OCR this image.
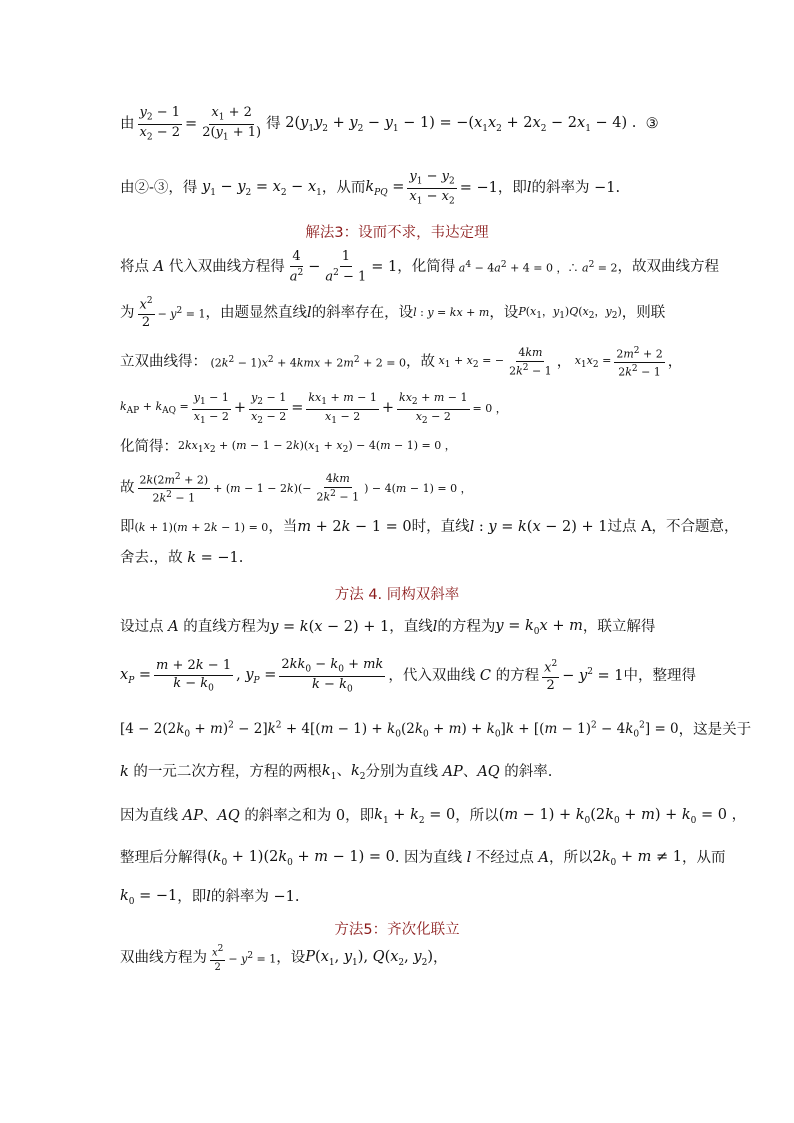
由 $\frac{y_2 - 1}{x_2 - 2} = \frac{x_1 + 2}{2(y_1 + 1)}$ 得 $2(y_1y_2 + y_2 - y_1 - 1) = -(x_1x_2 + 2x_2 - 2x_1 - 4)$ . ③
由②-③，得 $y_1 - y_2 = x_2 - x_1$ ，从而 $k_{PQ} = \frac{y_1 - y_2}{x_1 - x_2} = -1$ ，即 l 的斜率为 −1.
解法3：设而不求，韦达定理
将点 A 代入双曲线方程得 $\frac{4}{a^2} - \frac{1}{a^2 - 1} = 1$ ，化简得 $a^4 - 4a^2 + 4 = 0$ ，∴ $a^2 = 2$ ，故双曲线方程
为 $\frac{x^2}{2} - y^2 = 1$ ，由题显然直线 l 的斜率存在，设 l : y = kx + m ，设 $P(x_1$，$y_1)Q(x_2$，$y_2$) ，则联
立双曲线得： $(2k^2 - 1)x^2 + 4kmx + 2m^2 + 2 = 0$ ，故 $x_1 + x_2$ = − $\frac{4km}{2k^2 - 1}$ ， $x_1x_2 = \frac{2m^2 + 2}{2k^2 - 1}$ ，
$k_{AP} + k_{AQ} = \frac{y_1 - 1}{x_1 - 2} + \frac{y_2 - 1}{x_2 - 2} = \frac{kx_1 + m - 1}{x_1 - 2} + \frac{kx_2 + m - 1}{x_2 - 2} = 0$ ，
化简得： $2kx_1x_2 + (m - 1 - 2k)(x_1 + x_2) - 4(m - 1) = 0$ ，
故 $\frac{2k(2m^2 + 2)}{2k^2 - 1} + (m - 1 - 2k)(- \frac{4km}{2k^2 - 1}$ ) − 4(m − 1) = 0 ，
即 (k + 1)(m + 2k − 1) = 0 ，当 m + 2k − 1 = 0 时，直线 l : y = k(x − 2) + 1 过点 A，不合题意，
舍去.，故 k = −1.
方法 4. 同构双斜率
设过点 A 的直线方程为 y = k(x − 2) + 1 ，直线 l 的方程为 $y = k_0x + m$ ，联立解得
$x_P = \frac{m + 2k - 1}{k - k_0}$ , $y_P = \frac{2kk_0 - k_0 + mk}{k - k_0}$ ，代入双曲线 C 的方程 $\frac{x^2}{2} - y^2 = 1$ 中，整理得
$[4 - 2(2k_0 + m)^2 - 2]k^2 + 4[(m - 1) + k_0(2k_0 + m) + k_0]k + [(m - 1)^2 - 4k_0^2] = 0$ ，这是关于
k 的一元二次方程，方程的两根 $k_1$、$k_2$ 分别为直线 AP 、 AQ 的斜率.
因为直线 AP 、 AQ 的斜率之和为 0 ，即 $k_1 + k_2 = 0$ ，所以 $(m - 1) + k_0(2k_0 + m) + k_0 = 0$ ，
整理后分解得 $(k_0 + 1)(2k_0 + m - 1) = 0$ . 因为直线 l 不经过点 A ，所以 $2k_0 + m \ne 1$ ，从而
$k_0 = -1$ ，即 l 的斜率为 −1.
方法5：齐次化联立
双曲线方程为 $\frac{x^2}{2} - y^2 = 1$ ，设 $P(x_1$, $y_1$), $Q(x_2$, $y_2$) ，
